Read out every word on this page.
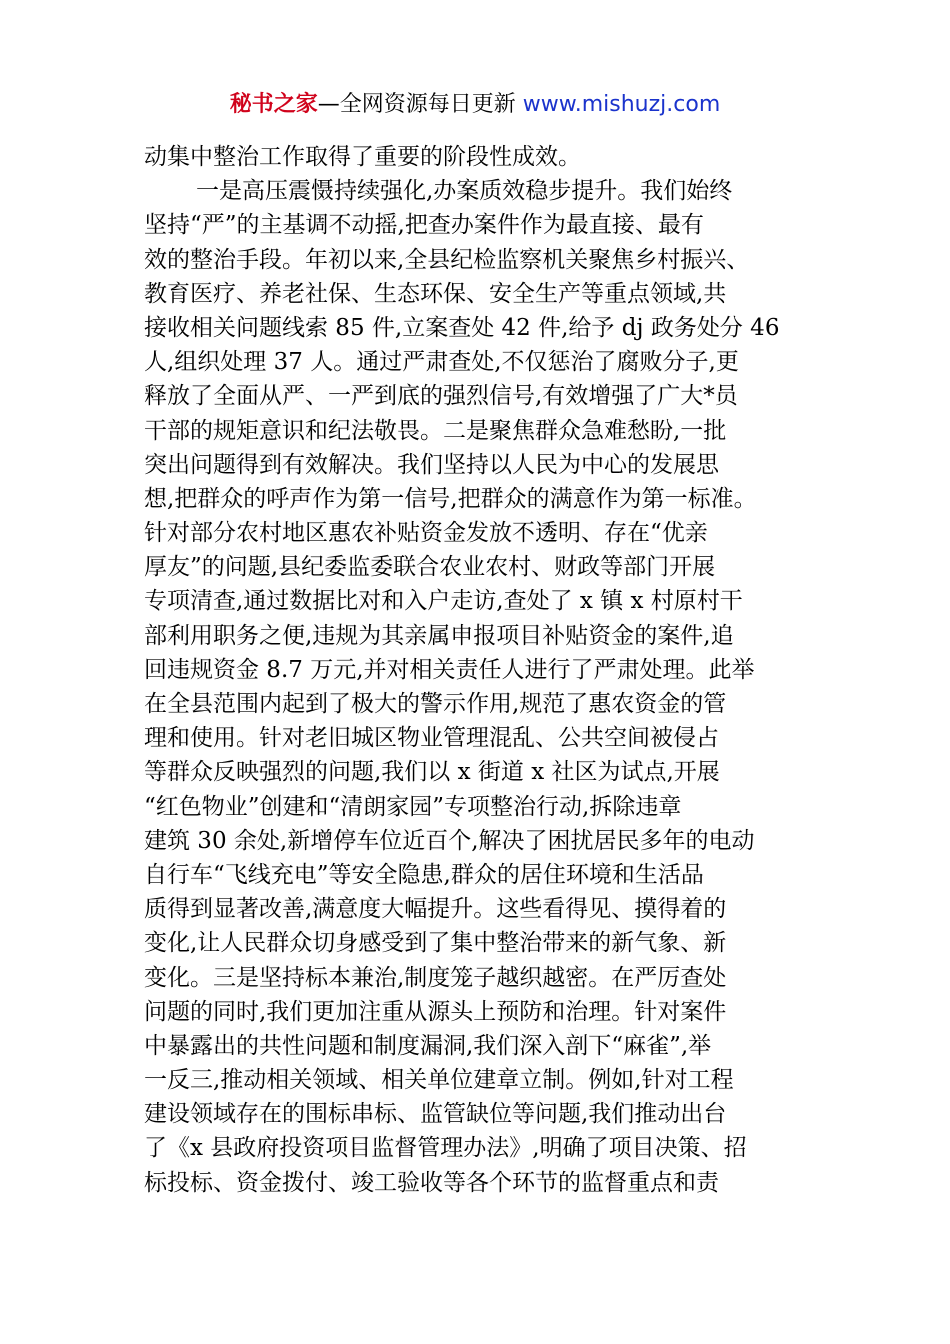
秘书之家—全网资源每日更新 www.mishuzj.com
动集中整治工作取得了重要的阶段性成效。
一是高压震慑持续强化,办案质效稳步提升。我们始终
坚持“严”的主基调不动摇,把查办案件作为最直接、最有
效的整治手段。年初以来,全县纪检监察机关聚焦乡村振兴、
教育医疗、养老社保、生态环保、安全生产等重点领域,共
接收相关问题线索 85 件,立案查处 42 件,给予 dj 政务处分 46
人,组织处理 37 人。通过严肃查处,不仅惩治了腐败分子,更
释放了全面从严、一严到底的强烈信号,有效增强了广大*员
干部的规矩意识和纪法敬畏。二是聚焦群众急难愁盼,一批
突出问题得到有效解决。我们坚持以人民为中心的发展思
想,把群众的呼声作为第一信号,把群众的满意作为第一标准。
针对部分农村地区惠农补贴资金发放不透明、存在“优亲
厚友”的问题,县纪委监委联合农业农村、财政等部门开展
专项清查,通过数据比对和入户走访,查处了 x 镇 x 村原村干
部利用职务之便,违规为其亲属申报项目补贴资金的案件,追
回违规资金 8.7 万元,并对相关责任人进行了严肃处理。此举
在全县范围内起到了极大的警示作用,规范了惠农资金的管
理和使用。针对老旧城区物业管理混乱、公共空间被侵占
等群众反映强烈的问题,我们以 x 街道 x 社区为试点,开展
“红色物业”创建和“清朗家园”专项整治行动,拆除违章
建筑 30 余处,新增停车位近百个,解决了困扰居民多年的电动
自行车“飞线充电”等安全隐患,群众的居住环境和生活品
质得到显著改善,满意度大幅提升。这些看得见、摸得着的
变化,让人民群众切身感受到了集中整治带来的新气象、新
变化。三是坚持标本兼治,制度笼子越织越密。在严厉查处
问题的同时,我们更加注重从源头上预防和治理。针对案件
中暴露出的共性问题和制度漏洞,我们深入剖下“麻雀”,举
一反三,推动相关领域、相关单位建章立制。例如,针对工程
建设领域存在的围标串标、监管缺位等问题,我们推动出台
了《x 县政府投资项目监督管理办法》,明确了项目决策、招
标投标、资金拨付、竣工验收等各个环节的监督重点和责
